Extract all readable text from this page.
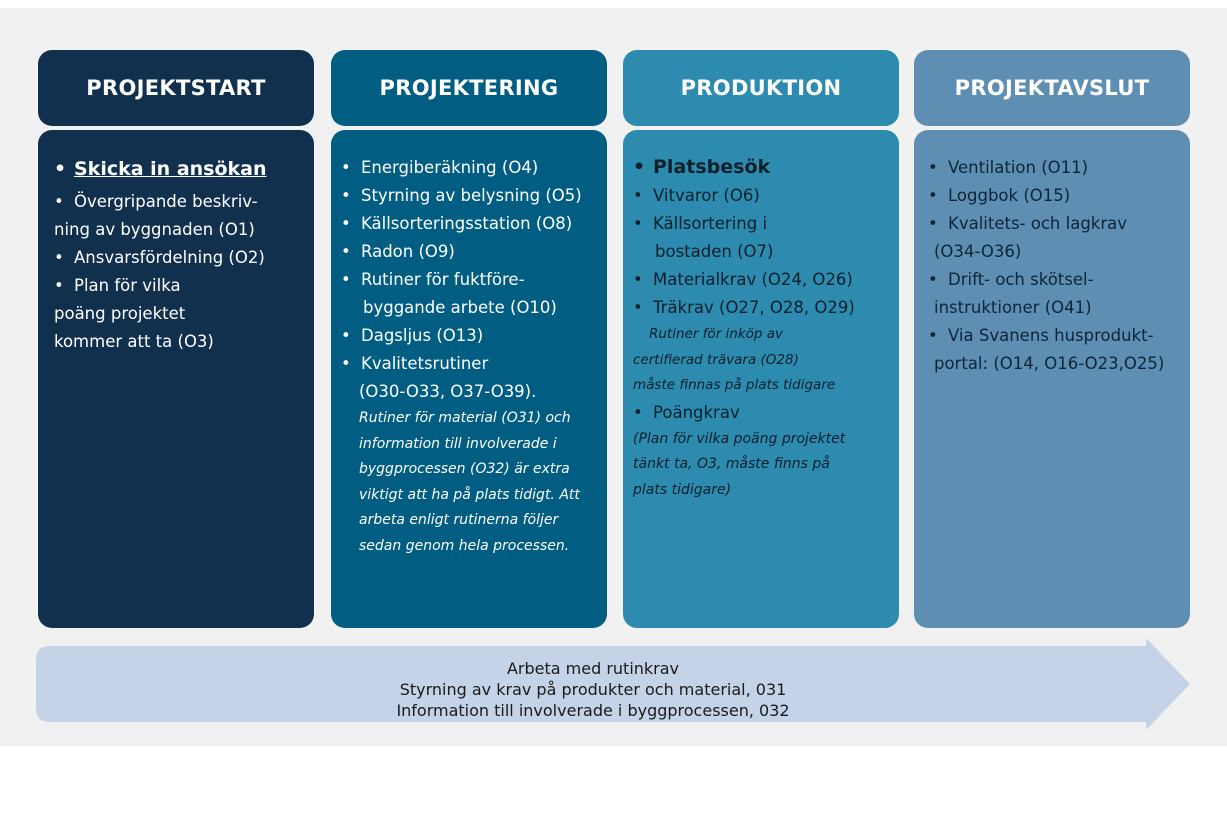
PROJEKTSTART
• Skicka in ansökan
• Övergripande beskriv-
ning av byggnaden (O1)
• Ansvarsfördelning (O2)
• Plan för vilka
poäng projektet
kommer att ta (O3)
PROJEKTERING
• Energiberäkning (O4)
• Styrning av belysning (O5)
• Källsorteringsstation (O8)
• Radon (O9)
• Rutiner för fuktföre-
byggande arbete (O10)
• Dagsljus (O13)
• Kvalitetsrutiner
(O30-O33, O37-O39).
Rutiner för material (O31) och
information till involverade i
byggprocessen (O32) är extra
viktigt att ha på plats tidigt. Att
arbeta enligt rutinerna följer
sedan genom hela processen.
PRODUKTION
• Platsbesök
• Vitvaror (O6)
• Källsortering i
bostaden (O7)
• Materialkrav (O24, O26)
• Träkrav (O27, O28, O29)
Rutiner för inköp av
certifierad trävara (O28)
måste finnas på plats tidigare
• Poängkrav
(Plan för vilka poäng projektet
tänkt ta, O3, måste finns på
plats tidigare)
PROJEKTAVSLUT
• Ventilation (O11)
• Loggbok (O15)
• Kvalitets- och lagkrav
(O34-O36)
• Drift- och skötsel-
instruktioner (O41)
• Via Svanens husprodukt-
portal: (O14, O16-O23,O25)
Arbeta med rutinkrav
Styrning av krav på produkter och material, 031
Information till involverade i byggprocessen, 032
